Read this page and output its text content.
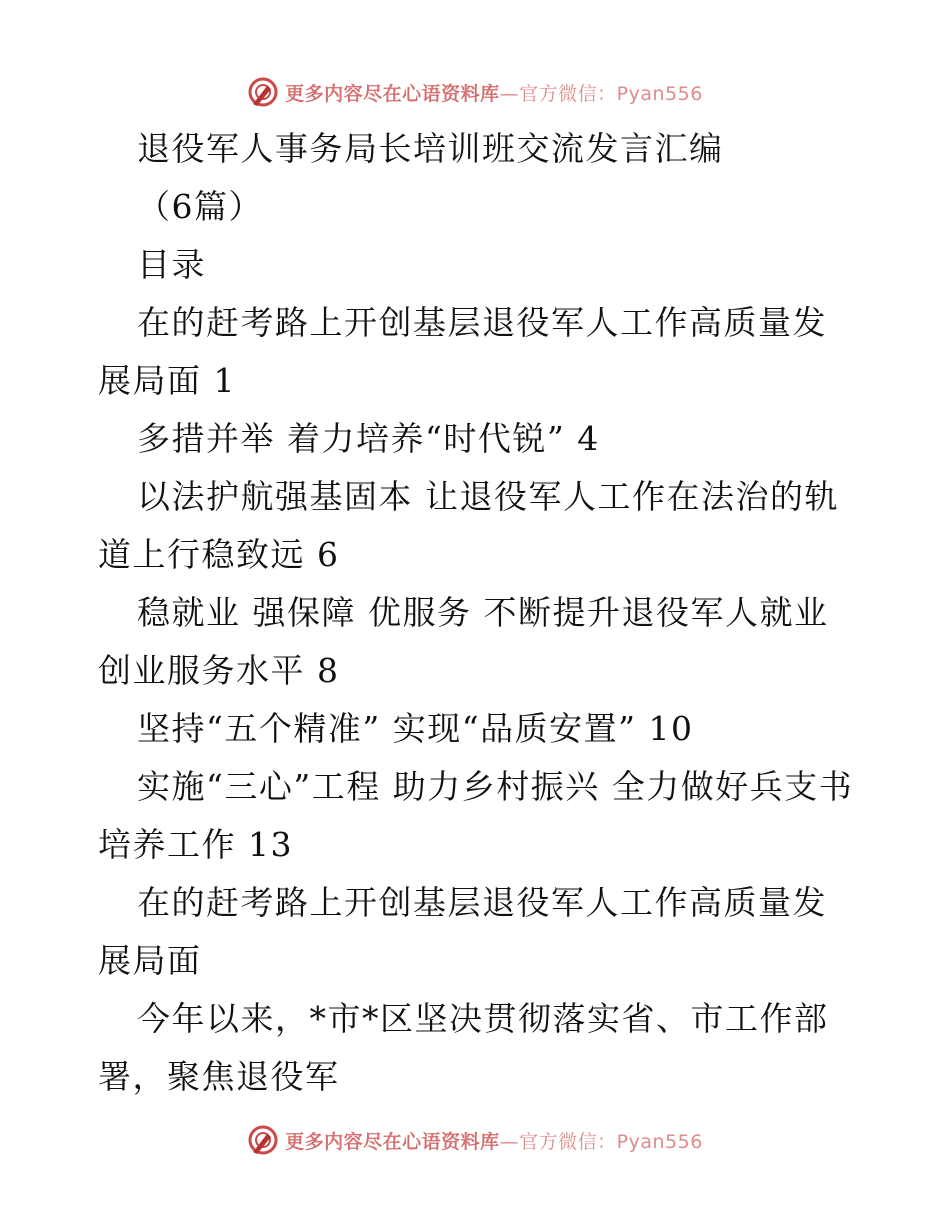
更多内容尽在心语资料库—官方微信：Pyan556

退役军人事务局长培训班交流发言汇编

（6篇）

目录

在的赶考路上开创基层退役军人工作高质量发展局面 1

多措并举 着力培养“时代锐” 4

以法护航强基固本 让退役军人工作在法治的轨道上行稳致远 6

稳就业 强保障 优服务 不断提升退役军人就业创业服务水平 8

坚持“五个精准” 实现“品质安置” 10

实施“三心”工程 助力乡村振兴 全力做好兵支书培养工作 13

在的赶考路上开创基层退役军人工作高质量发展局面

今年以来，*市*区坚决贯彻落实省、市工作部署，聚焦退役军

更多内容尽在心语资料库—官方微信：Pyan556
